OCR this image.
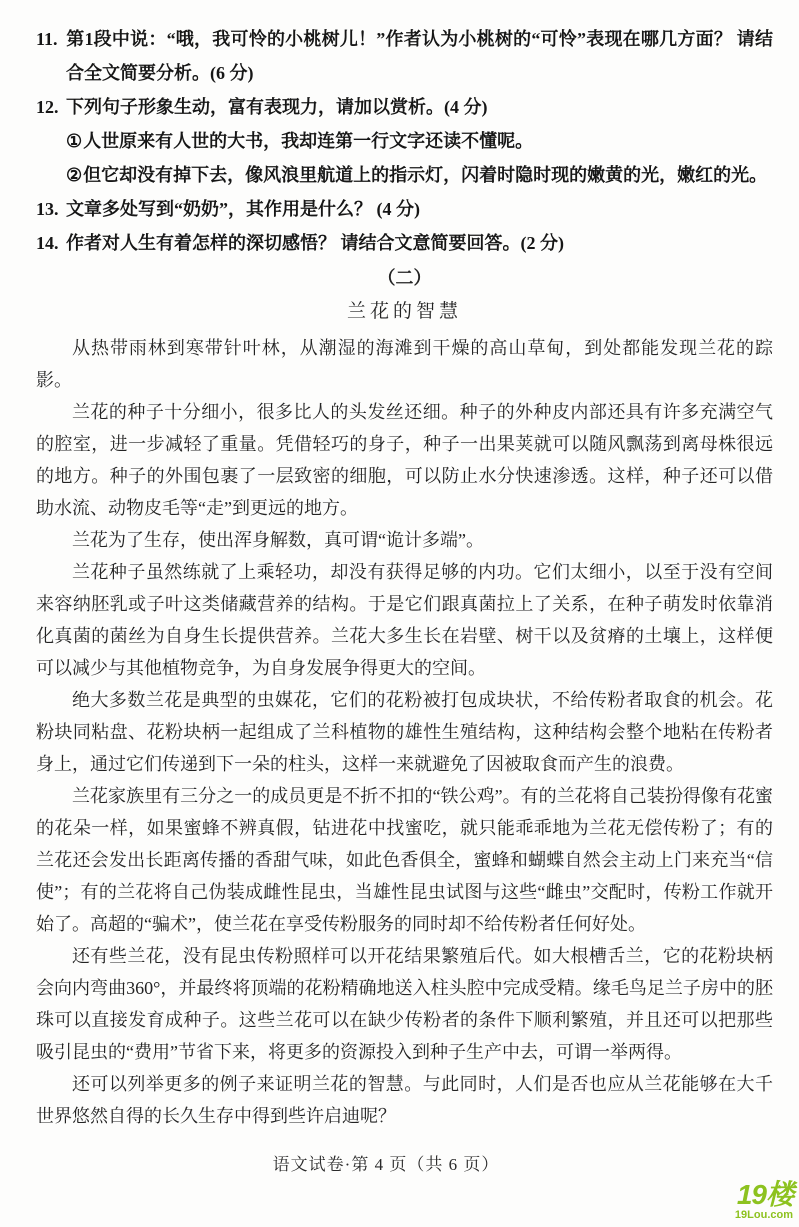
11. 第1段中说：“哦，我可怜的小桃树儿！”作者认为小桃树的“可怜”表现在哪几方面？ 请结合全文简要分析。(6 分)
12. 下列句子形象生动，富有表现力，请加以赏析。(4 分)
①人世原来有人世的大书，我却连第一行文字还读不懂呢。
②但它却没有掉下去，像风浪里航道上的指示灯，闪着时隐时现的嫩黄的光，嫩红的光。
13. 文章多处写到“奶奶”，其作用是什么？ (4 分)
14. 作者对人生有着怎样的深切感悟？ 请结合文意简要回答。(2 分)
（二）
兰花的智慧

从热带雨林到寒带针叶林，从潮湿的海滩到干燥的高山草甸，到处都能发现兰花的踪影。

兰花的种子十分细小，很多比人的头发丝还细。种子的外种皮内部还具有许多充满空气的腔室，进一步减轻了重量。凭借轻巧的身子，种子一出果荚就可以随风飘荡到离母株很远的地方。种子的外围包裹了一层致密的细胞，可以防止水分快速渗透。这样，种子还可以借助水流、动物皮毛等“走”到更远的地方。

兰花为了生存，使出浑身解数，真可谓“诡计多端”。

兰花种子虽然练就了上乘轻功，却没有获得足够的内功。它们太细小，以至于没有空间来容纳胚乳或子叶这类储藏营养的结构。于是它们跟真菌拉上了关系，在种子萌发时依靠消化真菌的菌丝为自身生长提供营养。兰花大多生长在岩壁、树干以及贫瘠的土壤上，这样便可以减少与其他植物竞争，为自身发展争得更大的空间。

绝大多数兰花是典型的虫媒花，它们的花粉被打包成块状，不给传粉者取食的机会。花粉块同粘盘、花粉块柄一起组成了兰科植物的雄性生殖结构，这种结构会整个地粘在传粉者身上，通过它们传递到下一朵的柱头，这样一来就避免了因被取食而产生的浪费。

兰花家族里有三分之一的成员更是不折不扣的“铁公鸡”。有的兰花将自己装扮得像有花蜜的花朵一样，如果蜜蜂不辨真假，钻进花中找蜜吃，就只能乖乖地为兰花无偿传粉了；有的兰花还会发出长距离传播的香甜气味，如此色香俱全，蜜蜂和蝴蝶自然会主动上门来充当“信使”；有的兰花将自己伪装成雌性昆虫，当雄性昆虫试图与这些“雌虫”交配时，传粉工作就开始了。高超的“骗术”，使兰花在享受传粉服务的同时却不给传粉者任何好处。

还有些兰花，没有昆虫传粉照样可以开花结果繁殖后代。如大根槽舌兰，它的花粉块柄会向内弯曲360°，并最终将顶端的花粉精确地送入柱头腔中完成受精。缘毛鸟足兰子房中的胚珠可以直接发育成种子。这些兰花可以在缺少传粉者的条件下顺利繁殖，并且还可以把那些吸引昆虫的“费用”节省下来，将更多的资源投入到种子生产中去，可谓一举两得。

还可以列举更多的例子来证明兰花的智慧。与此同时，人们是否也应从兰花能够在大千世界悠然自得的长久生存中得到些许启迪呢？

语文试卷·第 4 页（共 6 页）
19楼
19Lou.com
